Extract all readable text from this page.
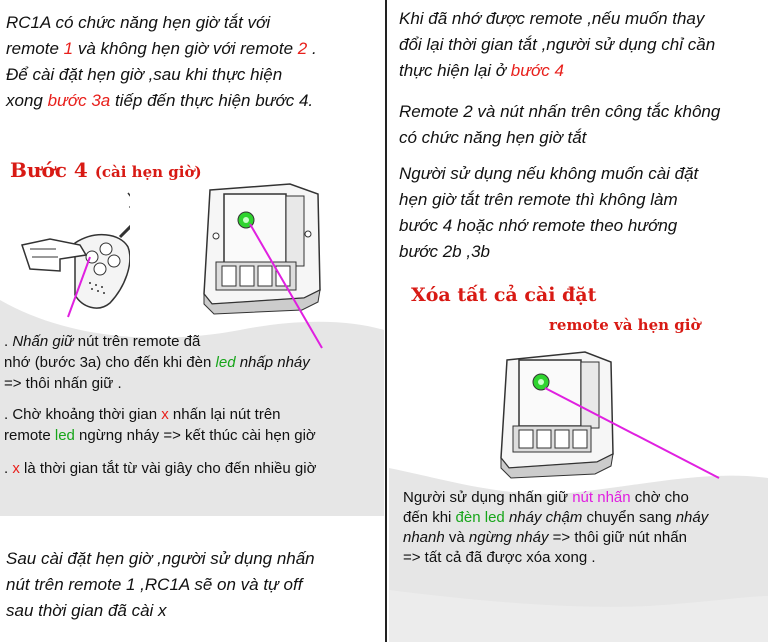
RC1A có chức năng hẹn giờ tắt với

remote 1 và không hẹn giờ với remote 2 .

Để cài đặt hẹn giờ ,sau khi thực hiện

xong bước 3a tiếp đến thực hiện bước 4.

Bước 4 (cài hẹn giờ)

. Nhấn giữ nút trên remote đã

nhớ (bước 3a) cho đến khi đèn led nhấp nháy

=> thôi nhấn giữ .

. Chờ khoảng thời gian x nhấn lại nút trên

remote led ngừng nháy => kết thúc cài hẹn giờ

. x là thời gian tắt từ vài giây cho đến nhiều giờ

Sau cài đặt hẹn giờ ,người sử dụng nhấn

nút trên remote 1 ,RC1A sẽ on và tự off

sau thời gian đã cài x

Khi đã nhớ được remote ,nếu muốn thay

đổi lại thời gian tắt ,người sử dụng chỉ cần

thực hiện lại ở bước 4

Remote 2 và nút nhấn trên công tắc không

có chức năng hẹn giờ tắt

Người sử dụng nếu không muốn cài đặt

hẹn giờ tắt trên remote thì không làm

bước 4 hoặc nhớ remote theo hướng

bước 2b ,3b

Xóa tất cả cài đặt

remote và hẹn giờ

Người sử dụng nhấn giữ nút nhấn chờ cho

đến khi đèn led nháy chậm chuyển sang nháy

nhanh và ngừng nháy => thôi giữ nút nhấn

=> tất cả đã được xóa xong .
